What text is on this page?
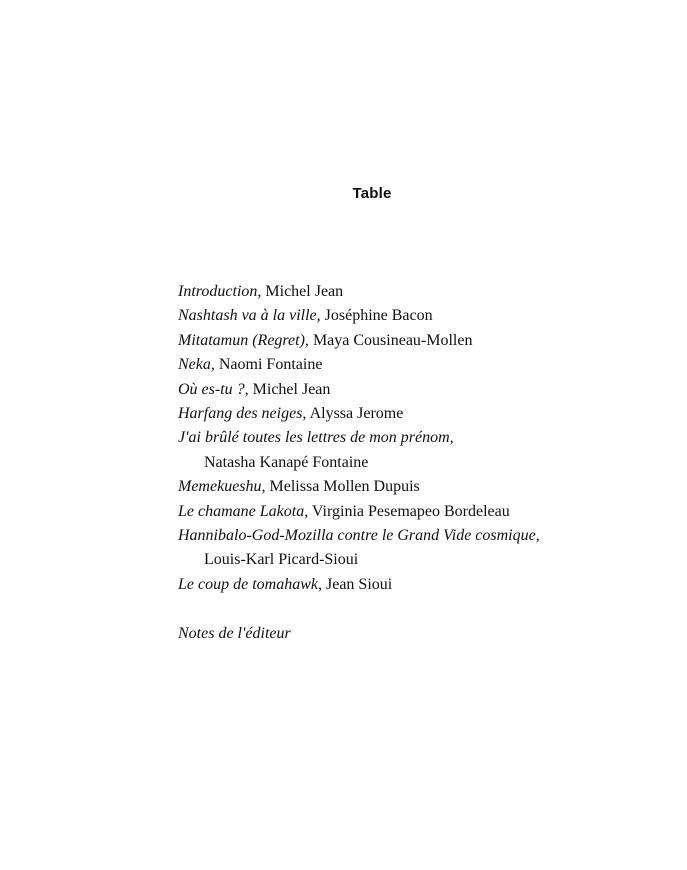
Table
Introduction, Michel Jean
Nashtash va à la ville, Joséphine Bacon
Mitatamun (Regret), Maya Cousineau-Mollen
Neka, Naomi Fontaine
Où es-tu ?, Michel Jean
Harfang des neiges, Alyssa Jerome
J'ai brûlé toutes les lettres de mon prénom,
Natasha Kanapé Fontaine
Memekueshu, Melissa Mollen Dupuis
Le chamane Lakota, Virginia Pesemapeo Bordeleau
Hannibalo-God-Mozilla contre le Grand Vide cosmique,
Louis-Karl Picard-Sioui
Le coup de tomahawk, Jean Sioui
Notes de l'éditeur
